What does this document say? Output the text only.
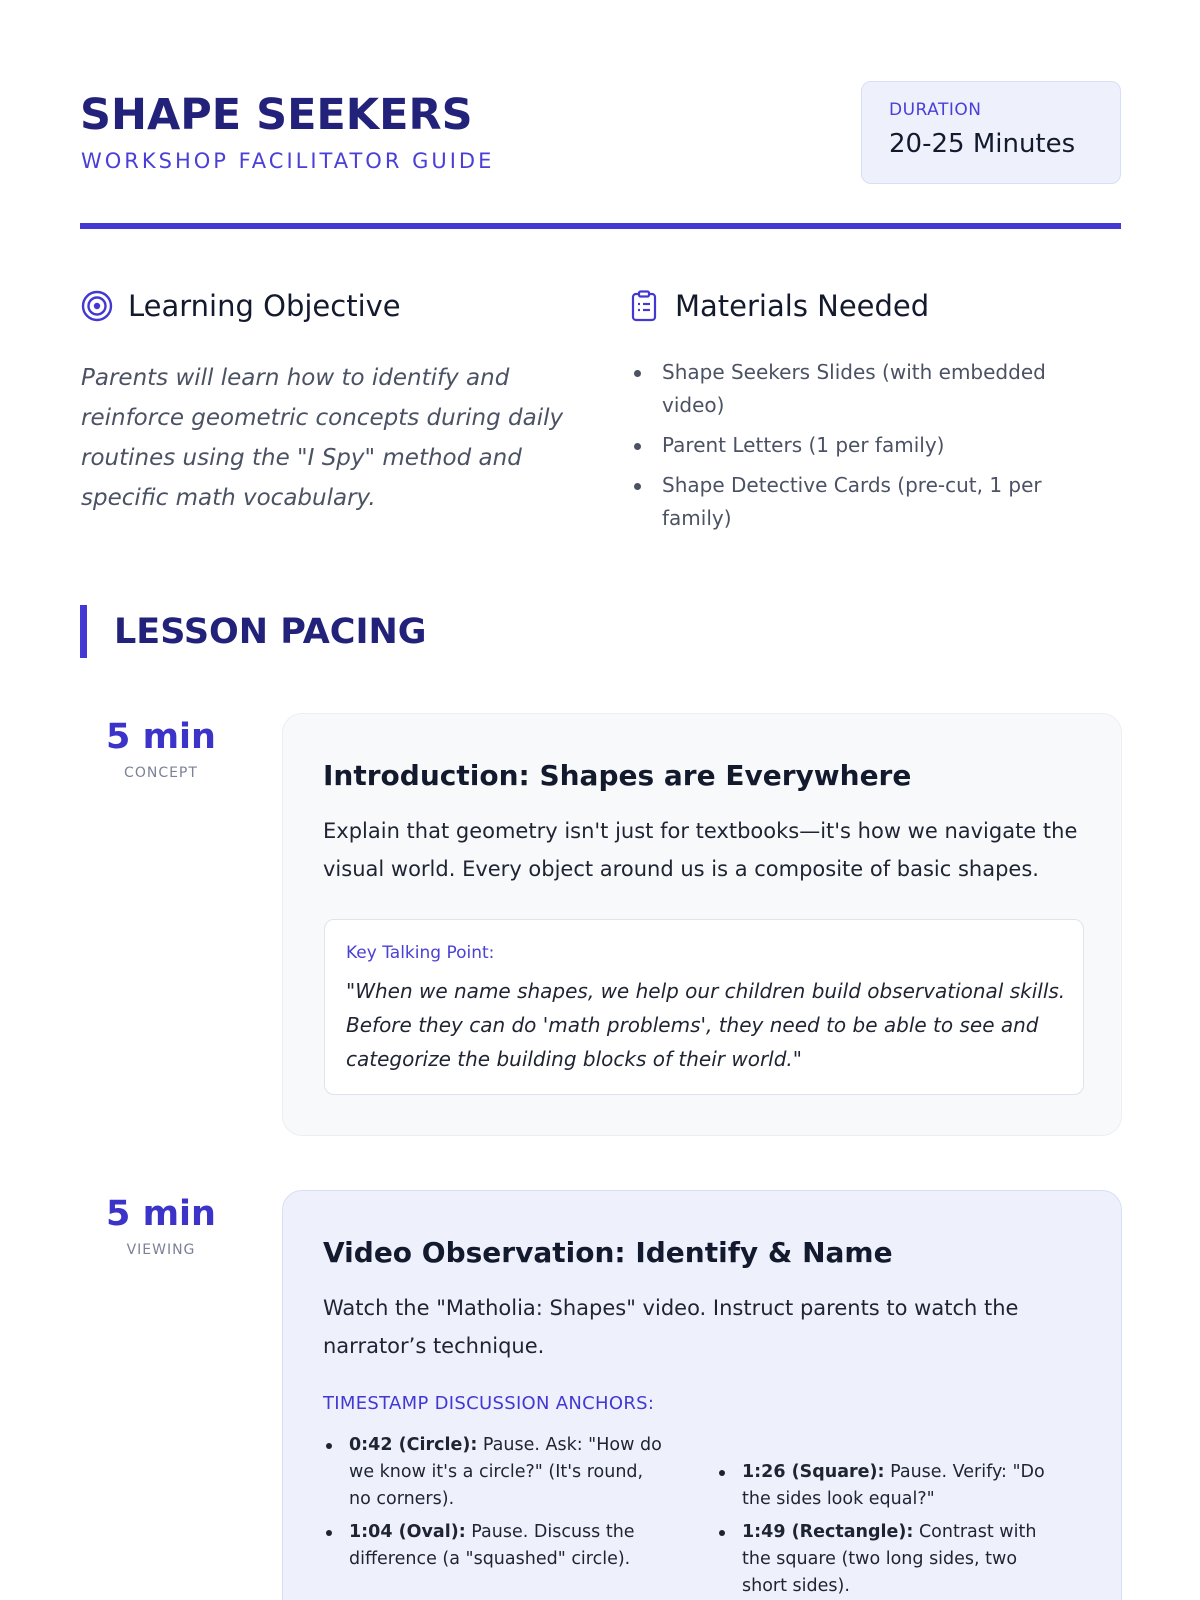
SHAPE SEEKERS
WORKSHOP FACILITATOR GUIDE
DURATION
20-25 Minutes
Learning Objective

Parents will learn how to identify and reinforce geometric concepts during daily routines using the "I Spy" method and specific math vocabulary.

Materials Needed
Shape Seekers Slides (with embedded video)
Parent Letters (1 per family)
Shape Detective Cards (pre-cut, 1 per family)
LESSON PACING
5 min
CONCEPT	Introduction: Shapes are Everywhere

Explain that geometry isn't just for textbooks—it's how we navigate the visual world. Every object around us is a composite of basic shapes.

Key Talking Point:

"When we name shapes, we help our children build observational skills. Before they can do 'math problems', they need to be able to see and categorize the building blocks of their world."

5 min
VIEWING	Video Observation: Identify & Name

Watch the "Matholia: Shapes" video. Instruct parents to watch the narrator’s technique.

TIMESTAMP DISCUSSION ANCHORS:
0:42 (Circle): Pause. Ask: "How do we know it's a circle?" (It's round, no corners).
1:04 (Oval): Pause. Discuss the difference (a "squashed" circle).
1:26 (Square): Pause. Verify: "Do the sides look equal?"
1:49 (Rectangle): Contrast with the square (two long sides, two short sides).
